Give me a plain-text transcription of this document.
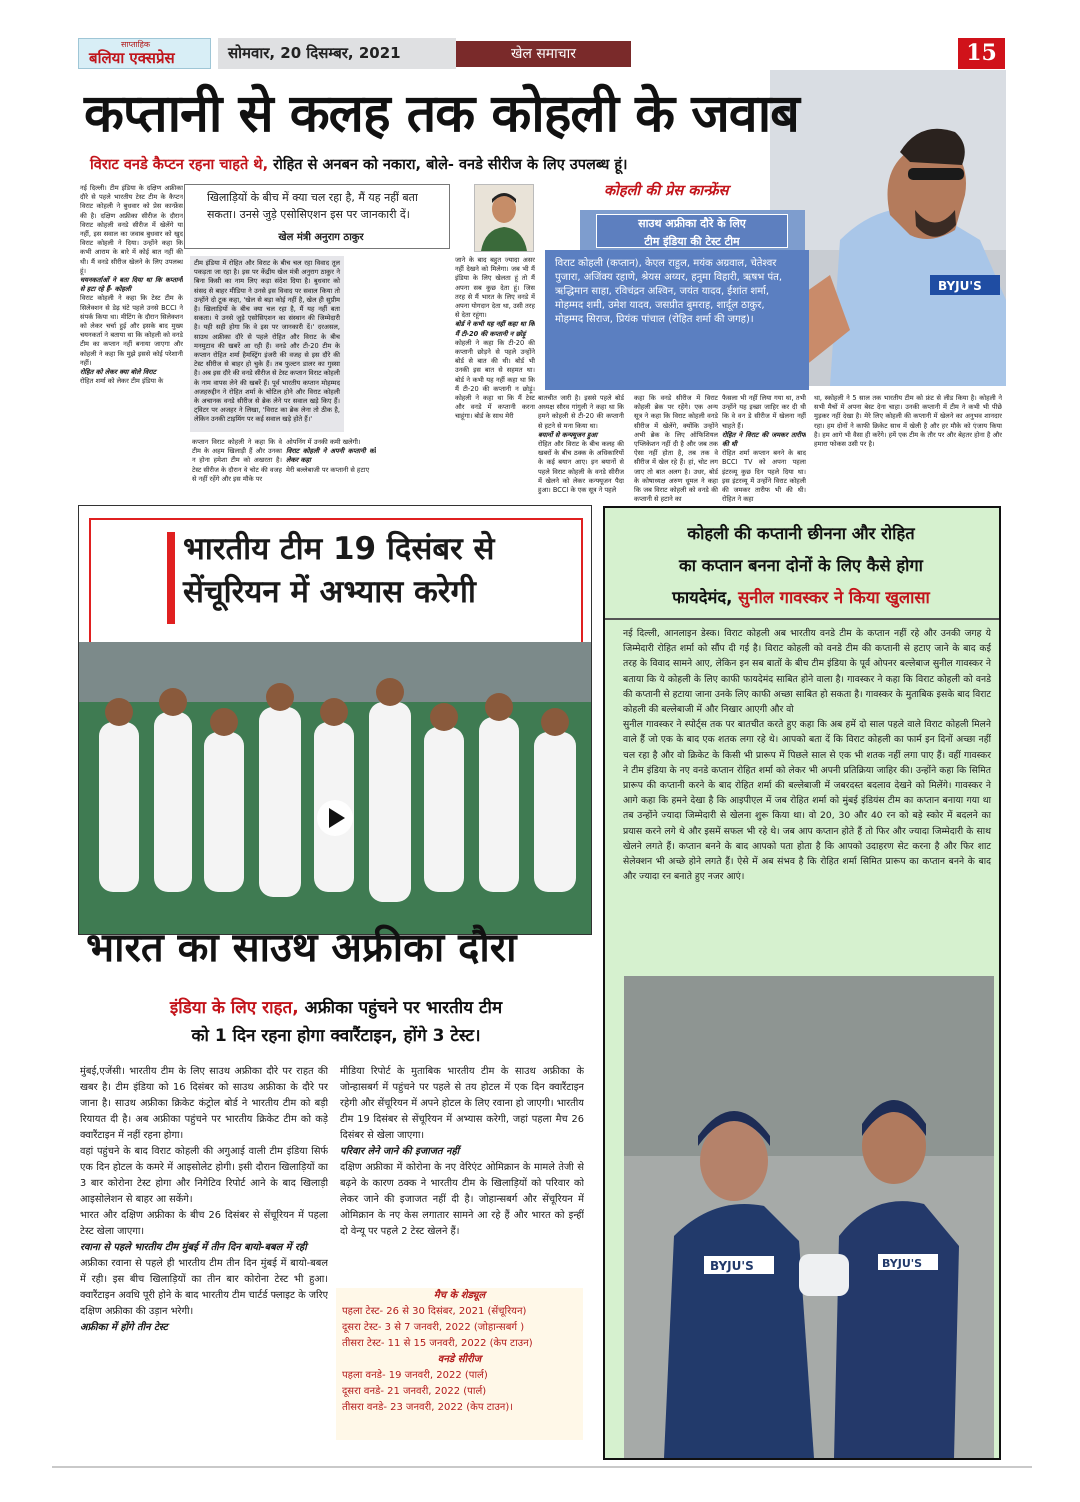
साप्ताहिक
बलिया एक्सप्रेस	सोमवार, 20 दिसम्बर, 2021	खेल समाचार	15
BYJU'S
कप्तानी से कलह तक कोहली के जवाब
विराट वनडे कैप्टन रहना चाहते थे, रोहित से अनबन को नकारा, बोले- वनडे सीरीज के लिए उपलब्ध हूं।
कोहली की प्रेस कान्फ्रेंस
नई दिल्ली। टीम इंडिया के दक्षिण अफ्रीका दौरे से पहले भारतीय टेस्ट टीम के कैप्टन विराट कोहली ने बुधवार को प्रेस कान्फ्रेंस की है। दक्षिण अफ्रीका सीरीज के दौरान विराट कोहली वनडे सीरीज में खेलेंगे या नहीं, इस सवाल का जवाब बुधवार को खुद विराट कोहली ने दिया। उन्होंने कहा कि कभी आराम के बारे में कोई बात नहीं की थी। मैं वनडे सीरीज खेलने के लिए उपलब्ध हूं।
चयनकर्ताओं ने बता दिया था कि कप्तानी से हटा रहे हैं- कोहली
विराट कोहली ने कहा कि टेस्ट टीम के सिलेक्शन से डेढ़ घंटे पहले उनसे BCCI ने संपर्क किया था। मीटिंग के दौरान सिलेक्शन को लेकर चर्चा हुई और इसके बाद मुख्य चयनकर्ता ने बताया था कि कोहली को वनडे टीम का कप्तान नहीं बनाया जाएगा और कोहली ने कहा कि मुझे इससे कोई परेशानी नहीं।
रोहित को लेकर क्या बोले विराट
रोहित शर्मा को लेकर टीम इंडिया के
खिलाड़ियों के बीच में क्या चल रहा है, मैं यह नहीं बता सकता। उनसे जुड़े एसोसिएशन इस पर जानकारी दें।
खेल मंत्री अनुराग ठाकुर
टीम इंडिया में रोहित और विराट के बीच चल रहा विवाद तूल पकड़ता जा रहा है। इस पर केंद्रीय खेल मंत्री अनुराग ठाकुर ने बिना किसी का नाम लिए कड़ा संदेश दिया है। बुधवार को संसद से बाहर मीडिया ने उनसे इस विवाद पर सवाल किया तो उन्होंने दो टूक कहा, 'खेल से बड़ा कोई नहीं है, खेल ही सुप्रीम है। खिलाड़ियों के बीच क्या चल रहा है, मैं यह नहीं बता सकता। ये उनसे जुड़े एसोसिएशन का संस्थान की जिम्मेदारी है। यही सही होगा कि वे इस पर जानकारी दें।' दरअसल, साउथ अफ्रीका दौरे से पहले रोहित और विराट के बीच मनमुटाव की खबरें आ रही हैं। वनडे और टी-20 टीम के कप्तान रोहित शर्मा हैमस्ट्रिंग इंजरी की वजह से इस दौरे की टेस्ट सीरीज से बाहर हो चुके हैं। तब फुल्टन डालर का गुस्सा है। अब इस दौरे की वनडे सीरीज से टेस्ट कप्तान विराट कोहली के नाम वापस लेने की खबरें हैं। पूर्व भारतीय कप्तान मोहम्मद अजहरुद्दीन ने रोहित शर्मा के चोटिल होने और विराट कोहली के अचानक वनडे सीरीज से ब्रेक लेने पर सवाल खड़े किए हैं। ट्विटर पर अजहर ने लिखा, 'विराट का ब्रेक लेना तो ठीक है, लेकिन उनकी टाइमिंग पर कई सवाल खड़े होते हैं।'
कप्तान विराट कोहली ने कहा कि वे टीम के अहम खिलाड़ी हैं और उनका न होना हमेशा टीम को अखरता है। टेस्ट सीरीज के दौरान वे चोट की वजह से नहीं रहेंगे और इस मौके पर
ओपनिंग में उनकी कमी खलेगी।
विराट कोहली ने अपनी कप्तानी को लेकर कहा
मेरी बल्लेबाजी पर कप्तानी से हटाए
जाने के बाद बहुत ज्यादा असर नहीं देखने को मिलेगा। जब भी मैं इंडिया के लिए खेलता हूं तो मैं अपना सब कुछ देता हूं। जिस तरह से मैं भारत के लिए वनडे में अपना योगदान देता था, उसी तरह से देता रहूंगा।
बोर्ड ने कभी यह नहीं कहा था कि मैं टी-20 की कप्तानी न छोड़ूं
कोहली ने कहा कि टी-20 की कप्तानी छोड़ने से पहले उन्होंने बोर्ड से बात की थी। बोर्ड भी उनकी इस बात से सहमत था। बोर्ड ने कभी यह नहीं कहा था कि मैं टी-20 की कप्तानी न छोड़ूं। कोहली ने कहा था कि मैं टेस्ट और वनडे में कप्तानी करना चाहूंगा। बोर्ड के साथ मेरी
बातचीत जारी है। इससे पहले बोर्ड अध्यक्ष सौरव गांगुली ने कहा था कि हमने कोहली से टी-20 की कप्तानी से हटने से मना किया था।
बयानों से कन्फ्यूजन हुआ
रोहित और विराट के बीच कलह की खबरों के बीच ठक्क के अधिकारियों के कई बयान आए। इन बयानों से पहले विराट कोहली के वनडे सीरीज में खेलने को लेकर कन्फ्यूजन पैदा हुआ। BCCI के एक सूत्र ने पहले
कहा कि वनडे सीरीज में विराट कोहली ब्रेक पर रहेंगे। एक अन्य सूत्र ने कहा कि विराट कोहली वनडे सीरीज में खेलेंगे, क्योंकि उन्होंने अभी ब्रेक के लिए ऑफिशियल एप्लिकेशन नहीं दी है और जब तक ऐसा नहीं होता है, तब तक वे सीरीज में खेल रहे हैं। हां, चोट लग जाए तो बात अलग है। उधर, बोर्ड के कोषाध्यक्ष अरुण धूमल ने कहा कि जब विराट कोहली को वनडे की कप्तानी से हटाने का
फैसला भी नहीं लिया गया था, तभी उन्होंने यह इच्छा जाहिर कर दी थी कि वे वन डे सीरीज में खेलना नहीं चाहते हैं।
रोहित ने विराट की जमकर तारीफ की थी
रोहित शर्मा कप्तान बनने के बाद BCCI TV को अपना पहला इंटरव्यू कुछ दिन पहले दिया था। इस इंटरव्यू में उन्होंने विराट कोहली की जमकर तारीफ भी की थी। रोहित ने कहा
था, स्कोहली ने 5 साल तक भारतीय टीम को फ्रंट से लीड किया है। कोहली ने सभी मैचों में अपना बेस्ट देना चाहा। उनकी कप्तानी में टीम ने कभी भी पीछे मुड़कर नहीं देखा है। मेरे लिए कोहली की कप्तानी में खेलने का अनुभव शानदार रहा। हम दोनों ने काफी क्रिकेट साथ में खेली है और हर मौके को एंजाय किया है। हम आगे भी वैसा ही करेंगे। हमें एक टीम के तौर पर और बेहतर होना है और हमारा फोकस उसी पर है।
साउथ अफ्रीका दौरे के लिए
टीम इंडिया की टेस्ट टीम
विराट कोहली (कप्तान), केएल राहुल, मयंक अग्रवाल, चेतेश्वर पुजारा, अजिंक्य रहाणे, श्रेयस अय्यर, हनुमा विहारी, ऋषभ पंत, ऋद्धिमान साहा, रविचंद्रन अश्विन, जयंत यादव, ईशांत शर्मा, मोहम्मद शमी, उमेश यादव, जसप्रीत बुमराह, शार्दूल ठाकुर, मोहम्मद सिराज, प्रियंक पांचाल (रोहित शर्मा की जगह)।
भारतीय टीम 19 दिसंबर से
सेंचूरियन में अभ्यास करेगी
कोहली की कप्तानी छीनना और रोहित
का कप्तान बनना दोनों के लिए कैसे होगा
फायदेमंद, सुनील गावस्कर ने किया खुलासा
नई दिल्ली, आनलाइन डेस्क। विराट कोहली अब भारतीय वनडे टीम के कप्तान नहीं रहे और उनकी जगह ये जिम्मेदारी रोहित शर्मा को सौंप दी गई है। विराट कोहली को वनडे टीम की कप्तानी से हटाए जाने के बाद कई तरह के विवाद सामने आए, लेकिन इन सब बातों के बीच टीम इंडिया के पूर्व ओपनर बल्लेबाज सुनील गावस्कर ने बताया कि ये कोहली के लिए काफी फायदेमंद साबित होने वाला है। गावस्कर ने कहा कि विराट कोहली को वनडे की कप्तानी से हटाया जाना उनके लिए काफी अच्छा साबित हो सकता है। गावस्कर के मुताबिक इसके बाद विराट कोहली की बल्लेबाजी में और निखार आएगी और वो
सुनील गावस्कर ने स्पोर्ट्स तक पर बातचीत करते हुए कहा कि अब हमें दो साल पहले वाले विराट कोहली मिलने वाले हैं जो एक के बाद एक शतक लगा रहे थे। आपको बता दें कि विराट कोहली का फार्म इन दिनों अच्छा नहीं चल रहा है और वो क्रिकेट के किसी भी प्रारूप में पिछले साल से एक भी शतक नहीं लगा पाए हैं। वहीं गावस्कर ने टीम इंडिया के नए वनडे कप्तान रोहित शर्मा को लेकर भी अपनी प्रतिक्रिया जाहिर की। उन्होंने कहा कि सिमित प्रारूप की कप्तानी करने के बाद रोहित शर्मा की बल्लेबाजी में जबरदस्त बदलाव देखने को मिलेंगे। गावस्कर ने आगे कहा कि हमने देखा है कि आइपीएल में जब रोहित शर्मा को मुंबई इंडियंस टीम का कप्तान बनाया गया था तब उन्होंने ज्यादा जिम्मेदारी से खेलना शुरू किया था। वो 20, 30 और 40 रन को बड़े स्कोर में बदलने का प्रयास करने लगे थे और इसमें सफल भी रहे थे। जब आप कप्तान होते हैं तो फिर और ज्यादा जिम्मेदारी के साथ खेलने लगते हैं। कप्तान बनने के बाद आपको पता होता है कि आपको उदाहरण सेट करना है और फिर शाट सेलेक्शन भी अच्छे होने लगते हैं। ऐसे में अब संभव है कि रोहित शर्मा सिमित प्रारूप का कप्तान बनने के बाद और ज्यादा रन बनाते हुए नजर आएं।
BYJU'S	BYJU'S
भारत का साउथ अफ्रीका दौरा
इंडिया के लिए राहत, अफ्रीका पहुंचने पर भारतीय टीम
को 1 दिन रहना होगा क्वारैंटाइन, होंगे 3 टेस्ट।
मुंबई,एजेंसी। भारतीय टीम के लिए साउथ अफ्रीका दौरे पर राहत की खबर है। टीम इंडिया को 16 दिसंबर को साउथ अफ्रीका के दौरे पर जाना है। साउथ अफ्रीका क्रिकेट कंट्रोल बोर्ड ने भारतीय टीम को बड़ी रियायत दी है। अब अफ्रीका पहुंचने पर भारतीय क्रिकेट टीम को कड़े क्वारैंटाइन में नहीं रहना होगा।
वहां पहुंचने के बाद विराट कोहली की अगुआई वाली टीम इंडिया सिर्फ एक दिन होटल के कमरे में आइसोलेट होगी। इसी दौरान खिलाड़ियों का 3 बार कोरोना टेस्ट होगा और निगेटिव रिपोर्ट आने के बाद खिलाड़ी आइसोलेशन से बाहर आ सकेंगे।
भारत और दक्षिण अफ्रीका के बीच 26 दिसंबर से सेंचूरियन में पहला टेस्ट खेला जाएगा।
रवाना से पहले भारतीय टीम मुंबई में तीन दिन बायो-बबल में रही
अफ्रीका रवाना से पहले ही भारतीय टीम तीन दिन मुंबई में बायो-बबल में रही। इस बीच खिलाड़ियों का तीन बार कोरोना टेस्ट भी हुआ। क्वारैंटाइन अवधि पूरी होने के बाद भारतीय टीम चार्टर्ड फ्लाइट के जरिए दक्षिण अफ्रीका की उड़ान भरेगी।
अफ्रीका में होंगे तीन टेस्ट
मीडिया रिपोर्ट के मुताबिक भारतीय टीम के साउथ अफ्रीका के जोन्हासबर्ग में पहुंचने पर पहले से तय होटल में एक दिन क्वारैंटाइन रहेगी और सेंचूरियन में अपने होटल के लिए रवाना हो जाएगी। भारतीय टीम 19 दिसंबर से सेंचूरियन में अभ्यास करेगी, जहां पहला मैच 26 दिसंबर से खेला जाएगा।
परिवार लेने जाने की इजाजत नहीं
दक्षिण अफ्रीका में कोरोना के नए वेरिएंट ओमिक्रान के मामले तेजी से बढ़ने के कारण ठक्क ने भारतीय टीम के खिलाड़ियों को परिवार को लेकर जाने की इजाजत नहीं दी है। जोहान्सबर्ग और सेंचूरियन में ओमिक्रान के नए केस लगातार सामने आ रहे हैं और भारत को इन्हीं दो वेन्यू पर पहले 2 टेस्ट खेलने हैं।
मैच के शेड्यूल
पहला टेस्ट- 26 से 30 दिसंबर, 2021 (सेंचूरियन)
दूसरा टेस्ट- 3 से 7 जनवरी, 2022 (जोहान्सबर्ग )
तीसरा टेस्ट- 11 से 15 जनवरी, 2022 (केप टाउन)
वनडे सीरीज
पहला वनडे- 19 जनवरी, 2022 (पार्ल)
दूसरा वनडे- 21 जनवरी, 2022 (पार्ल)
तीसरा वनडे- 23 जनवरी, 2022 (केप टाउन)।
